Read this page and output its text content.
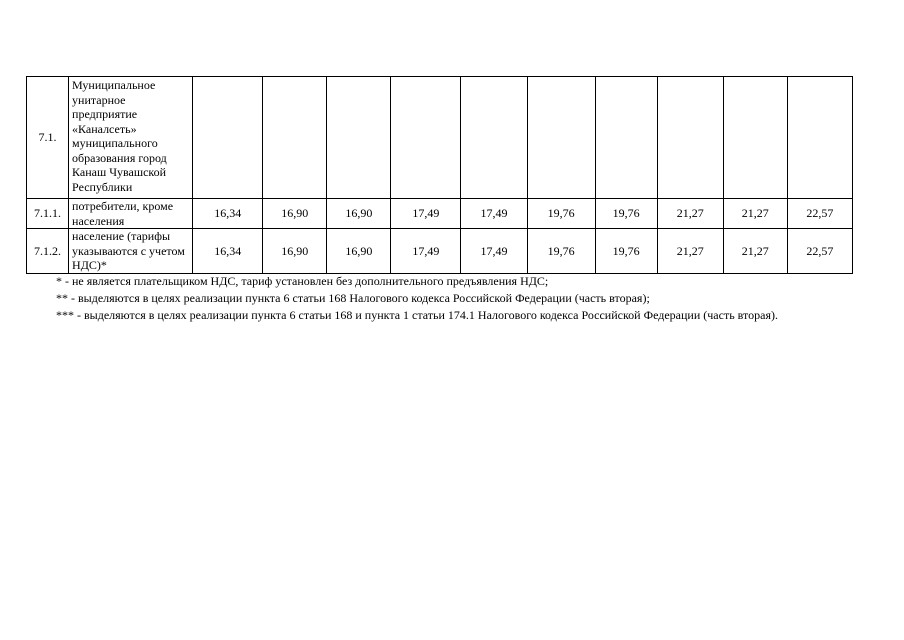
7.1.	Муниципальное унитарное предприятие «Каналсеть» муниципального образования город Канаш Чувашской Республики										
7.1.1.	потребители, кроме населения	16,34	16,90	16,90	17,49	17,49	19,76	19,76	21,27	21,27	22,57
7.1.2.	население (тарифы указываются с учетом НДС)*	16,34	16,90	16,90	17,49	17,49	19,76	19,76	21,27	21,27	22,57

* - не является плательщиком НДС, тариф установлен без дополнительного предъявления НДС;

** - выделяются в целях реализации пункта 6 статьи 168 Налогового кодекса Российской Федерации (часть вторая);

*** - выделяются в целях реализации пункта 6 статьи 168 и пункта 1 статьи 174.1 Налогового кодекса Российской Федерации (часть вторая).
